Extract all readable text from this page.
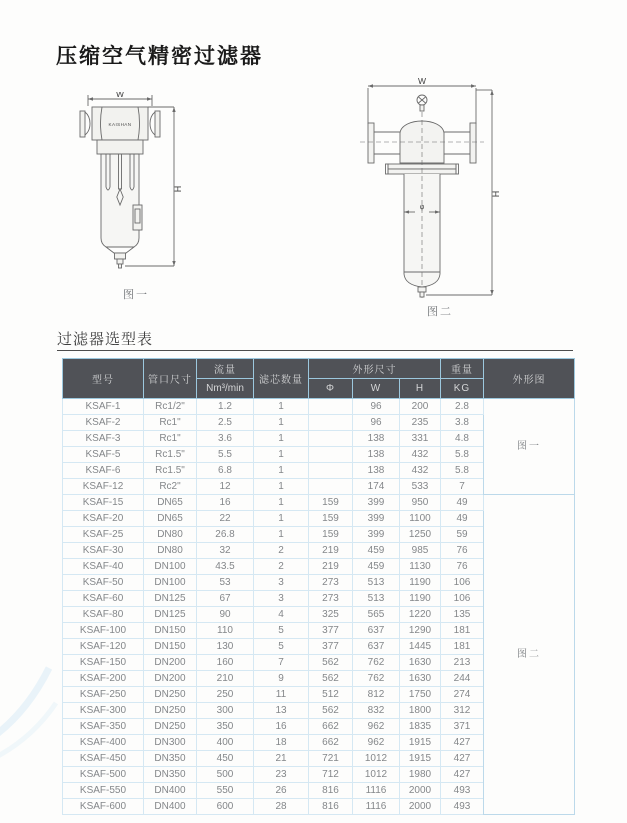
压缩空气精密过滤器
KAISHAN
W
H
图一
W
H
φ
图二
过滤器选型表
型号	管口尺寸	流量	滤芯数量	外形尺寸			重量	外形图
		Nm³/min		Φ	W	H	KG	
KSAF-1	Rc1/2"	1.2	1		96	200	2.8	图一
KSAF-2	Rc1"	2.5	1		96	235	3.8	
KSAF-3	Rc1"	3.6	1		138	331	4.8	
KSAF-5	Rc1.5"	5.5	1		138	432	5.8	
KSAF-6	Rc1.5"	6.8	1		138	432	5.8	
KSAF-12	Rc2"	12	1		174	533	7	
KSAF-15	DN65	16	1	159	399	950	49	图二
KSAF-20	DN65	22	1	159	399	1100	49	
KSAF-25	DN80	26.8	1	159	399	1250	59	
KSAF-30	DN80	32	2	219	459	985	76	
KSAF-40	DN100	43.5	2	219	459	1130	76	
KSAF-50	DN100	53	3	273	513	1190	106	
KSAF-60	DN125	67	3	273	513	1190	106	
KSAF-80	DN125	90	4	325	565	1220	135	
KSAF-100	DN150	110	5	377	637	1290	181	
KSAF-120	DN150	130	5	377	637	1445	181	
KSAF-150	DN200	160	7	562	762	1630	213	
KSAF-200	DN200	210	9	562	762	1630	244	
KSAF-250	DN250	250	11	512	812	1750	274	
KSAF-300	DN250	300	13	562	832	1800	312	
KSAF-350	DN250	350	16	662	962	1835	371	
KSAF-400	DN300	400	18	662	962	1915	427	
KSAF-450	DN350	450	21	721	1012	1915	427	
KSAF-500	DN350	500	23	712	1012	1980	427	
KSAF-550	DN400	550	26	816	1116	2000	493	
KSAF-600	DN400	600	28	816	1116	2000	493	
